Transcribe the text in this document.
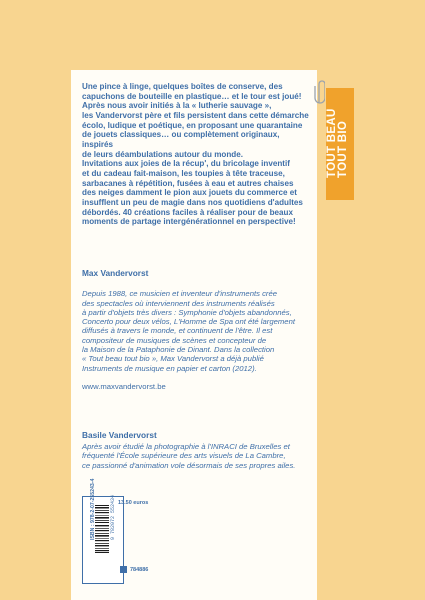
Une pince à linge, quelques boîtes de conserve, des
capuchons de bouteille en plastique… et le tour est joué!
Après nous avoir initiés à la « lutherie sauvage »,
les Vandervorst père et fils persistent dans cette démarche
écolo, ludique et poétique, en proposant une quarantaine
de jouets classiques… ou complètement originaux, inspirés
de leurs déambulations autour du monde.
Invitations aux joies de la récup', du bricolage inventif
et du cadeau fait-maison, les toupies à tête traceuse,
sarbacanes à répétition, fusées à eau et autres chaises
des neiges damment le pion aux jouets du commerce et
insufflent un peu de magie dans nos quotidiens d'adultes
débordés. 40 créations faciles à réaliser pour de beaux
moments de partage intergénérationnel en perspective!

Max Vandervorst

Depuis 1988, ce musicien et inventeur d'instruments crée
des spectacles où interviennent des instruments réalisés
à partir d'objets très divers : Symphonie d'objets abandonnés,
Concerto pour deux vélos, L'Homme de Spa ont été largement
diffusés à travers le monde, et continuent de l'être. Il est
compositeur de musiques de scènes et concepteur de
la Maison de la Pataphonie de Dinant. Dans la collection
« Tout beau tout bio », Max Vandervorst a déjà publié
Instruments de musique en papier et carton (2012).

www.maxvandervorst.be

Basile Vandervorst

Après avoir étudié la photographie à l'INRACI de Bruxelles et
fréquenté l'École supérieure des arts visuels de La Cambre,
ce passionné d'animation vole désormais de ses propres ailes.

13.50 euros
ISBN : 978-2-07-255243-4	9 782072 552434
784886
TOUT BEAU
TOUT BIO
